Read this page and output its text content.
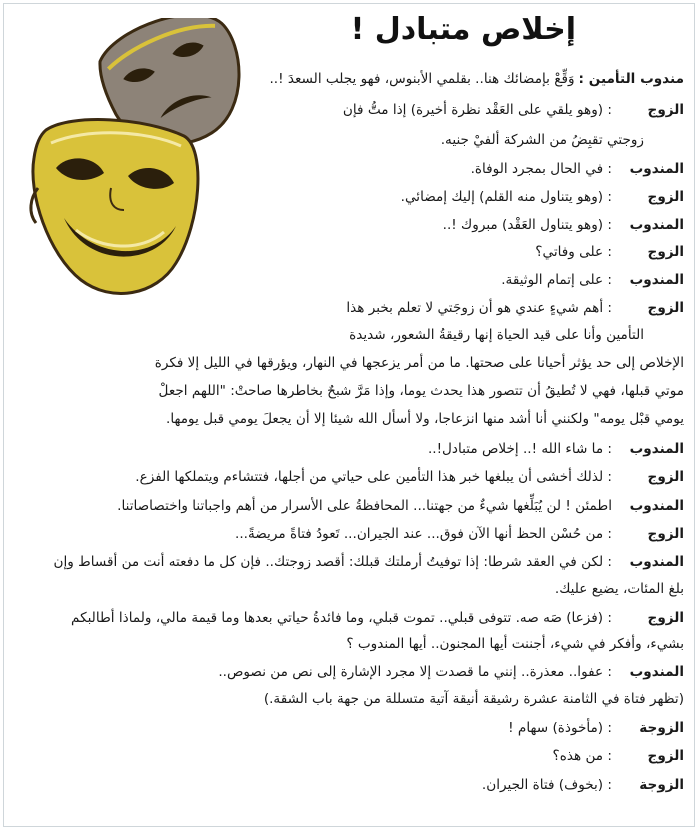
إخلاص متبادل !
مندوب التأمين :وَقِّعْ بإمضائك هنا.. بقلمي الأبنوس، فهو يجلب السعدَ !..
الزوج: (وهو يلقي على العَقْد نظرة أخيرة) إذا متُّ فإن
زوجتي تقبِضُ من الشركة ألفيْ جنيه.
المندوب: في الحال بمجرد الوفاة.
الزوج: (وهو يتناول منه القلم) إليك إمضائي.
المندوب: (وهو يتناول العَقْد) مبروك !..
الزوج: على وفاتي؟
المندوب: على إتمام الوثيقة.
الزوج: أهم شيءٍ عندي هو أن زوجَتي لا تعلم بخبر هذا
التأمين وأنا على قيد الحياة إنها رقيقةُ الشعور، شديدة
الإخلاص إلى حد يؤثر أحيانا على صحتها. ما من أمر يزعجها في النهار، ويؤرقها في الليل إلا فكرة
موتي قبلها، فهي لا تُطيقُ أن تتصور هذا يحدث يوما، وإذا مَرَّ شبحٌ بخاطرها صاحتْ: "اللهم اجعلْ
يومي قبْل يومه" ولكنني أنا أشد منها انزعاجا، ولا أسأل الله شيئا إلا أن يجعلَ يومي قبل يومها.
المندوب: ما شاء الله !.. إخلاص متبادل!..
الزوج: لذلك أخشى أن يبلغها خبر هذا التأمين على حياتي من أجلها، فتتشاءم ويتملكها الفزع.
المندوباطمئن ! لن يُبَلِّغها شيءٌ من جهتنا... المحافظةُ على الأسرار من أهم واجباتنا واختصاصاتنا.
الزوج: من حُسْن الحظ أنها الآن فوق... عند الجيران... تَعودُ فتاةً مريضةً...
المندوب: لكن في العقد شرطا: إذا توفيتُ أرملتك قبلك: أقصد زوجتك.. فإن كل ما دفعته أنت من أقساط وإن
بلغ المئات، يضيع عليك.
الزوج: (فزعا) صَه صه. تتوفى قبلي.. تموت قبلي، وما فائدةُ حياتي بعدها وما قيمة مالي، ولماذا أطالبكم
بشيء، وأفكر في شيء، أجننت أيها المجنون.. أيها المندوب ؟
المندوب: عفوا.. معذرة.. إنني ما قصدت إلا مجرد الإشارة إلى نص من نصوص..
(تظهر فتاة في الثامنة عشرة رشيقة أنيقة آتية متسللة من جهة باب الشقة.)
الزوجة: (مأخوذة) سهام !
الزوج: من هذه؟
الزوجة: (بخوف) فتاة الجيران.
